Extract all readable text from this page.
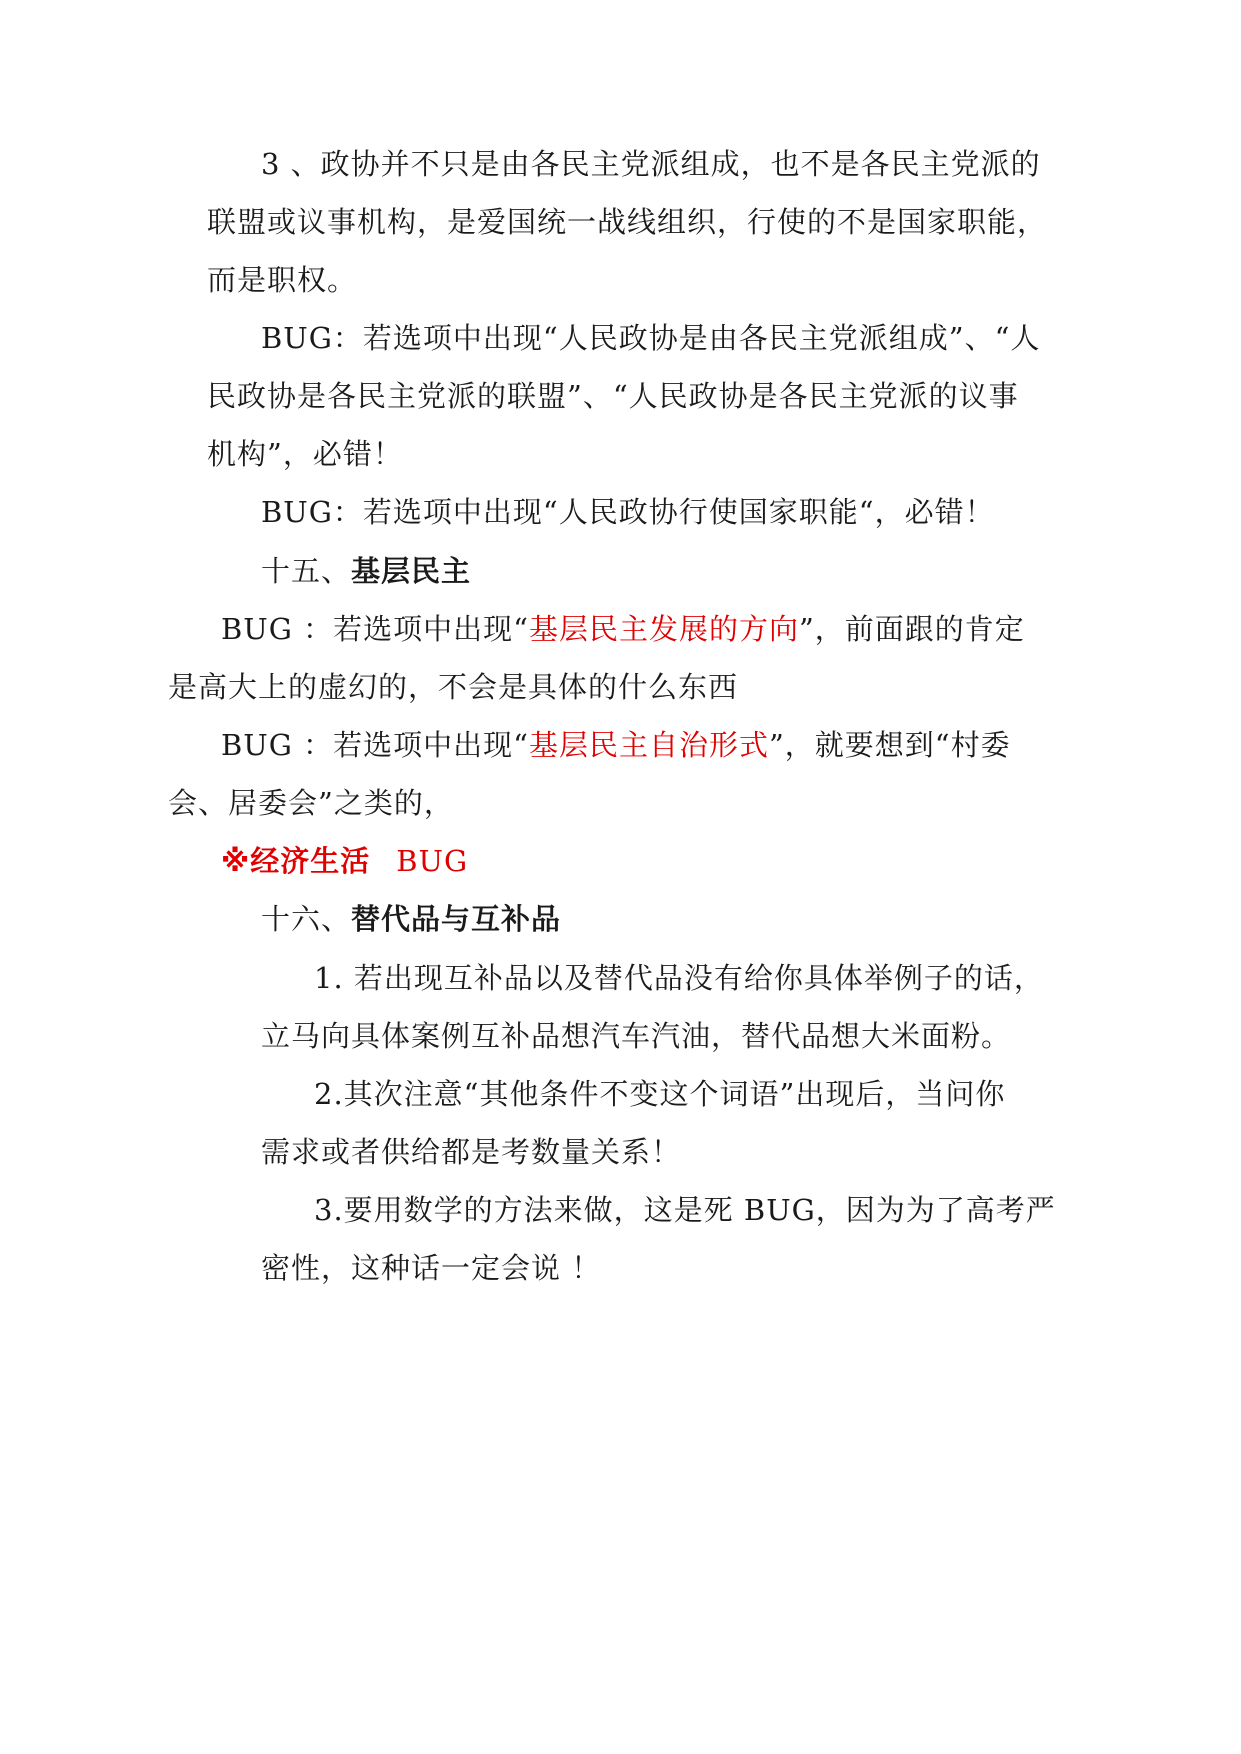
3 、政协并不只是由各民主党派组成，也不是各民主党派的
联盟或议事机构，是爱国统一战线组织，行使的不是国家职能，
而是职权。
BUG：若选项中出现“人民政协是由各民主党派组成”、“人
民政协是各民主党派的联盟”、“人民政协是各民主党派的议事
机构”，必错！
BUG：若选项中出现“人民政协行使国家职能“，必错！
十五、基层民主
BUG ：若选项中出现“基层民主发展的方向”，前面跟的肯定
是高大上的虚幻的，不会是具体的什么东西
BUG ：若选项中出现“基层民主自治形式”，就要想到“村委
会、居委会”之类的，
※经济生活 BUG
十六、替代品与互补品
1. 若出现互补品以及替代品没有给你具体举例子的话，
立马向具体案例互补品想汽车汽油，替代品想大米面粉。
2.其次注意“其他条件不变这个词语”出现后，当问你
需求或者供给都是考数量关系！
3.要用数学的方法来做，这是死 BUG，因为为了高考严
密性，这种话一定会说 ！
